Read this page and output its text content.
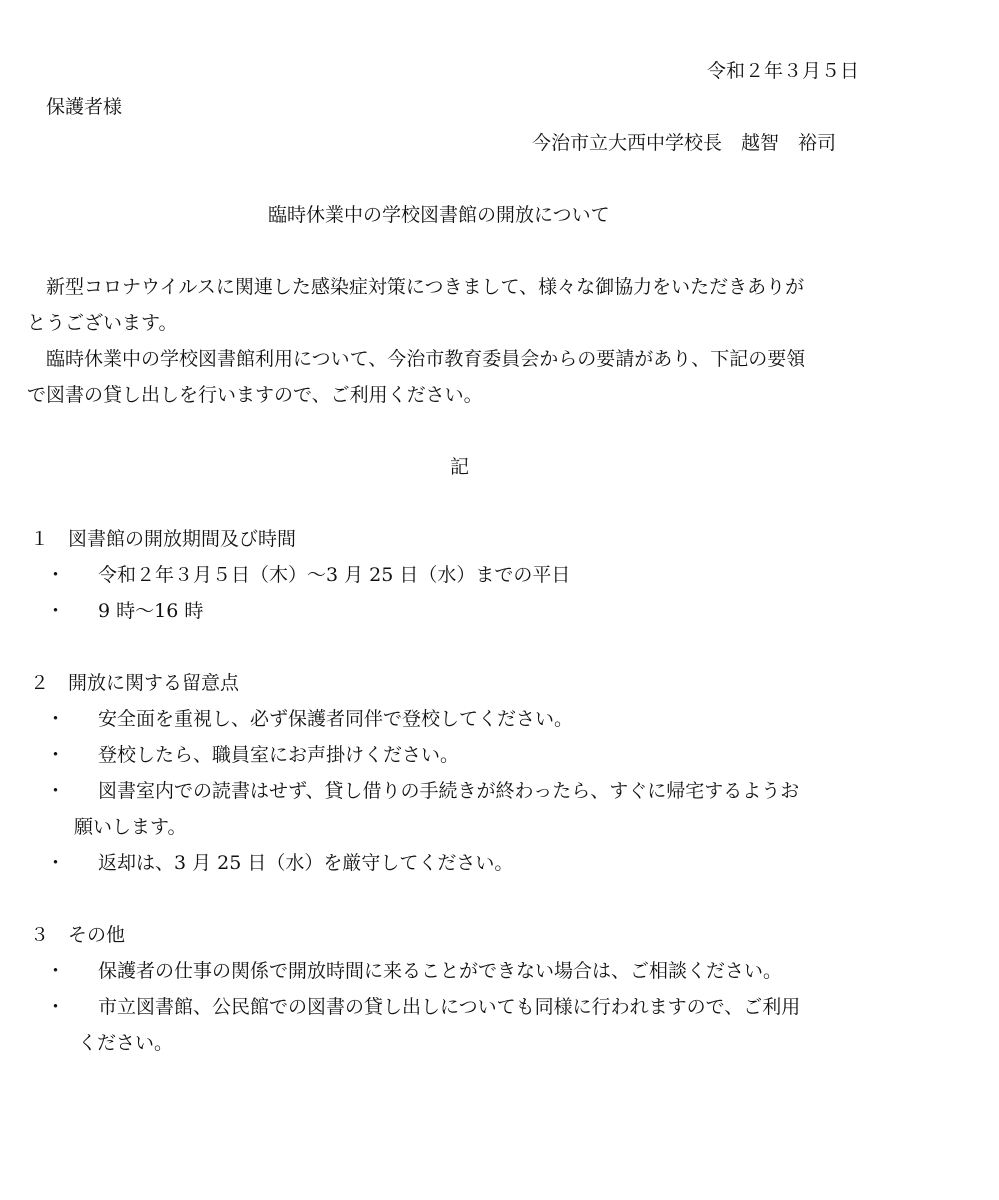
令和２年３月５日
保護者様
今治市立大西中学校長　越智　裕司
臨時休業中の学校図書館の開放について
新型コロナウイルスに関連した感染症対策につきまして、様々な御協力をいただきありが
とうございます。
臨時休業中の学校図書館利用について、今治市教育委員会からの要請があり、下記の要領
で図書の貸し出しを行いますので、ご利用ください。
記
１　図書館の開放期間及び時間
・ 令和２年３月５日（木）～3 月 25 日（水）までの平日
・ 9 時～16 時
２　開放に関する留意点
・ 安全面を重視し、必ず保護者同伴で登校してください。
・ 登校したら、職員室にお声掛けください。
・ 図書室内での読書はせず、貸し借りの手続きが終わったら、すぐに帰宅するようお
願いします。
・ 返却は、3 月 25 日（水）を厳守してください。
３　その他
・ 保護者の仕事の関係で開放時間に来ることができない場合は、ご相談ください。
・ 市立図書館、公民館での図書の貸し出しについても同様に行われますので、ご利用
ください。
